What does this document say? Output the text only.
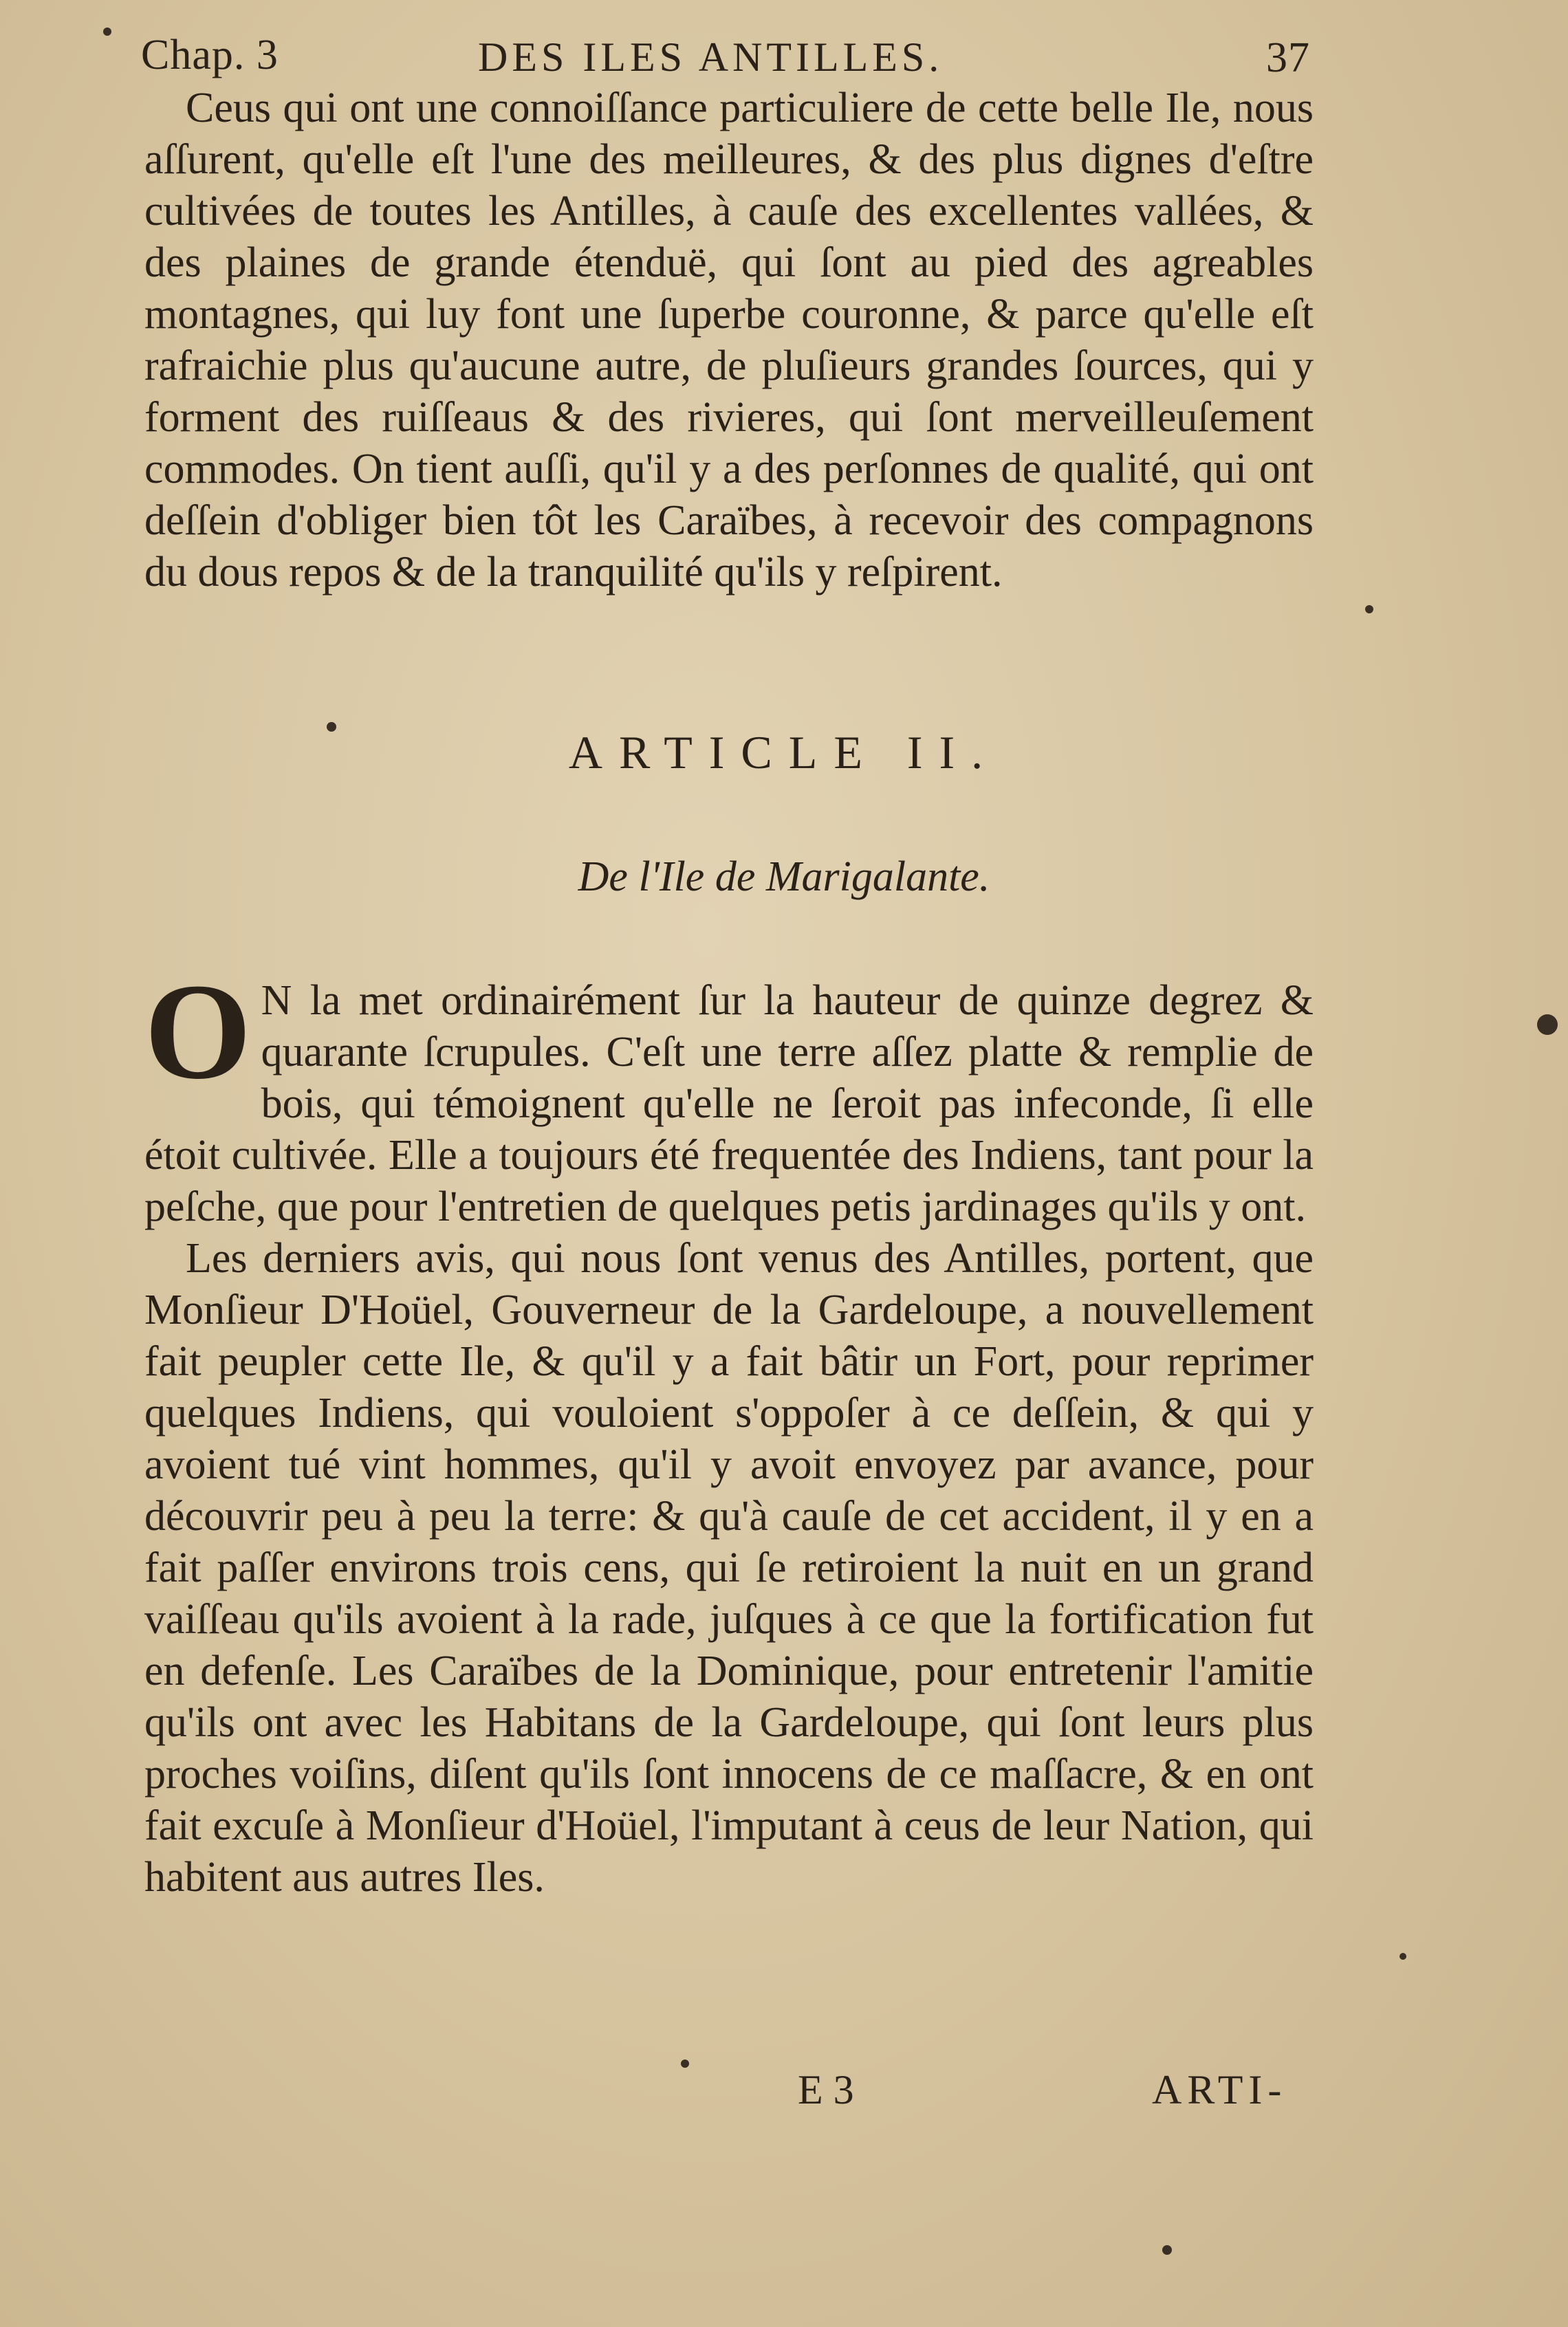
Chap. 3	DES ILES ANTILLES.	37

Ceus qui ont une connoiſſance particuliere de cette belle Ile, nous aſſurent, qu'elle eſt l'une des meilleures, & des plus dignes d'eſtre cultivées de toutes les Antilles, à cauſe des excellentes vallées, & des plaines de grande étenduë, qui ſont au pied des agreables montagnes, qui luy font une ſuperbe couronne, & parce qu'elle eſt rafraichie plus qu'aucune autre, de pluſieurs grandes ſources, qui y forment des ruiſſeaus & des rivieres, qui ſont merveilleuſement commodes. On tient auſſi, qu'il y a des perſonnes de qualité, qui ont deſſein d'obliger bien tôt les Caraïbes, à recevoir des compagnons du dous repos & de la tranquilité qu'ils y reſpirent.

ARTICLE II.
De l'Ile de Marigalante.

O N la met ordinairément ſur la hauteur de quinze degrez & quarante ſcrupules. C'eſt une terre aſſez platte & remplie de bois, qui témoignent qu'elle ne ſeroit pas infeconde, ſi elle étoit cultivée. Elle a toujours été frequentée des Indiens, tant pour la peſche, que pour l'entretien de quelques petis jardinages qu'ils y ont.

Les derniers avis, qui nous ſont venus des Antilles, portent, que Monſieur D'Hoüel, Gouverneur de la Gardeloupe, a nouvellement fait peupler cette Ile, & qu'il y a fait bâtir un Fort, pour reprimer quelques Indiens, qui vouloient s'oppoſer à ce deſſein, & qui y avoient tué vint hommes, qu'il y avoit envoyez par avance, pour découvrir peu à peu la terre: & qu'à cauſe de cet accident, il y en a fait paſſer environs trois cens, qui ſe retiroient la nuit en un grand vaiſſeau qu'ils avoient à la rade, juſques à ce que la fortification fut en defenſe. Les Caraïbes de la Dominique, pour entretenir l'amitie qu'ils ont avec les Habitans de la Gardeloupe, qui ſont leurs plus proches voiſins, diſent qu'ils ſont innocens de ce maſſacre, & en ont fait excuſe à Monſieur d'Hoüel, l'imputant à ceus de leur Nation, qui habitent aus autres Iles.

E 3	ARTI-
